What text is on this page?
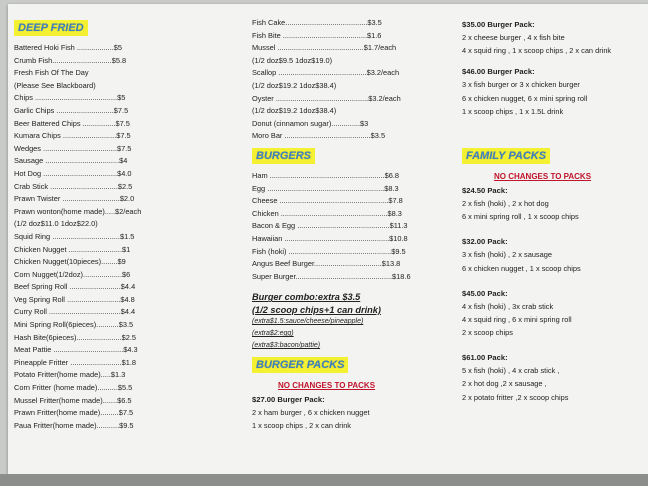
DEEP FRIED
Battered Hoki Fish ..................$5
Crumb Fish.............................$5.8
Fresh Fish Of The Day
(Please See Blackboard)
Chips ........................................$5
Garlic Chips ............................$7.5
Beer Battered Chips ................$7.5
Kumara Chips ..........................$7.5
Wedges ....................................$7.5
Sausage ....................................$4
Hot Dog ....................................$4.0
Crab Stick .................................$2.5
Prawn Twister ............................$2.0
Prawn wonton(home made).....$2/each
(1/2 doz$11.0 1doz$22.0)
Squid Ring .................................$1.5
Chicken Nugget ..........................$1
Chicken Nugget(10pieces)........$9
Corn Nugget(1/2doz)...................$6
Beef Spring Roll .........................$4.4
Veg Spring Roll ..........................$4.8
Curry Roll ...................................$4.4
Mini Spring Roll(6pieces)...........$3.5
Hash Bite(6pieces)......................$2.5
Meat Pattie ..................................$4.3
Pineapple Fritter .........................$1.8
Potato Fritter(home made).....$1.3
Corn Fritter (home made)..........$5.5
Mussel Fritter(home made).......$6.5
Prawn Fritter(home made).........$7.5
Paua Fritter(home made)...........$9.5
Fish Cake........................................$3.5
Fish Bite .........................................$1.6
Mussel ..........................................$1.7/each
(1/2 doz$9.5 1doz$19.0)
Scallop ...........................................$3.2/each
(1/2 doz$19.2 1doz$38.4)
Oyster .............................................$3.2/each
(1/2 doz$19.2 1doz$38.4)
Donut (cinnamon sugar)..............$3
Moro Bar ..........................................$3.5
BURGERS
Ham ........................................................$6.8
Egg .........................................................$8.3
Cheese .....................................................$7.8
Chicken ....................................................$8.3
Bacon & Egg .............................................$11.3
Hawaiian ...................................................$10.8
Fish (hoki) ..................................................$9.5
Angus Beef Burger.................................$13.8
Super Burger...............................................$18.6
Burger combo:extra $3.5
(1/2 scoop chips+1 can drink)
(extra$1.5:sauce/cheese/pineapple)
(extra$2:egg)
(extra$3:bacon/pattie)
BURGER PACKS
NO CHANGES TO PACKS
$27.00 Burger Pack:
2 x ham burger , 6 x chicken nugget
1 x scoop chips , 2 x can drink
$35.00 Burger Pack:
2 x cheese burger , 4 x fish bite
4 x squid ring , 1 x scoop chips , 2 x can drink
$46.00 Burger Pack:
3 x fish burger or 3 x chicken burger
6 x chicken nugget, 6 x mini spring roll
1 x scoop chips , 1 x 1.5L drink
FAMILY PACKS
NO CHANGES TO PACKS
$24.50 Pack:
2 x fish (hoki) , 2 x hot dog
6 x mini spring roll , 1 x scoop chips
$32.00 Pack:
3 x fish (hoki) , 2 x sausage
6 x chicken nugget , 1 x scoop chips
$45.00 Pack:
4 x fish (hoki) , 3x crab stick
4 x squid ring , 6 x mini spring roll
2 x scoop chips
$61.00 Pack:
5 x fish (hoki) , 4 x crab stick ,
2 x hot dog ,2 x sausage ,
2 x potato fritter ,2 x scoop chips
